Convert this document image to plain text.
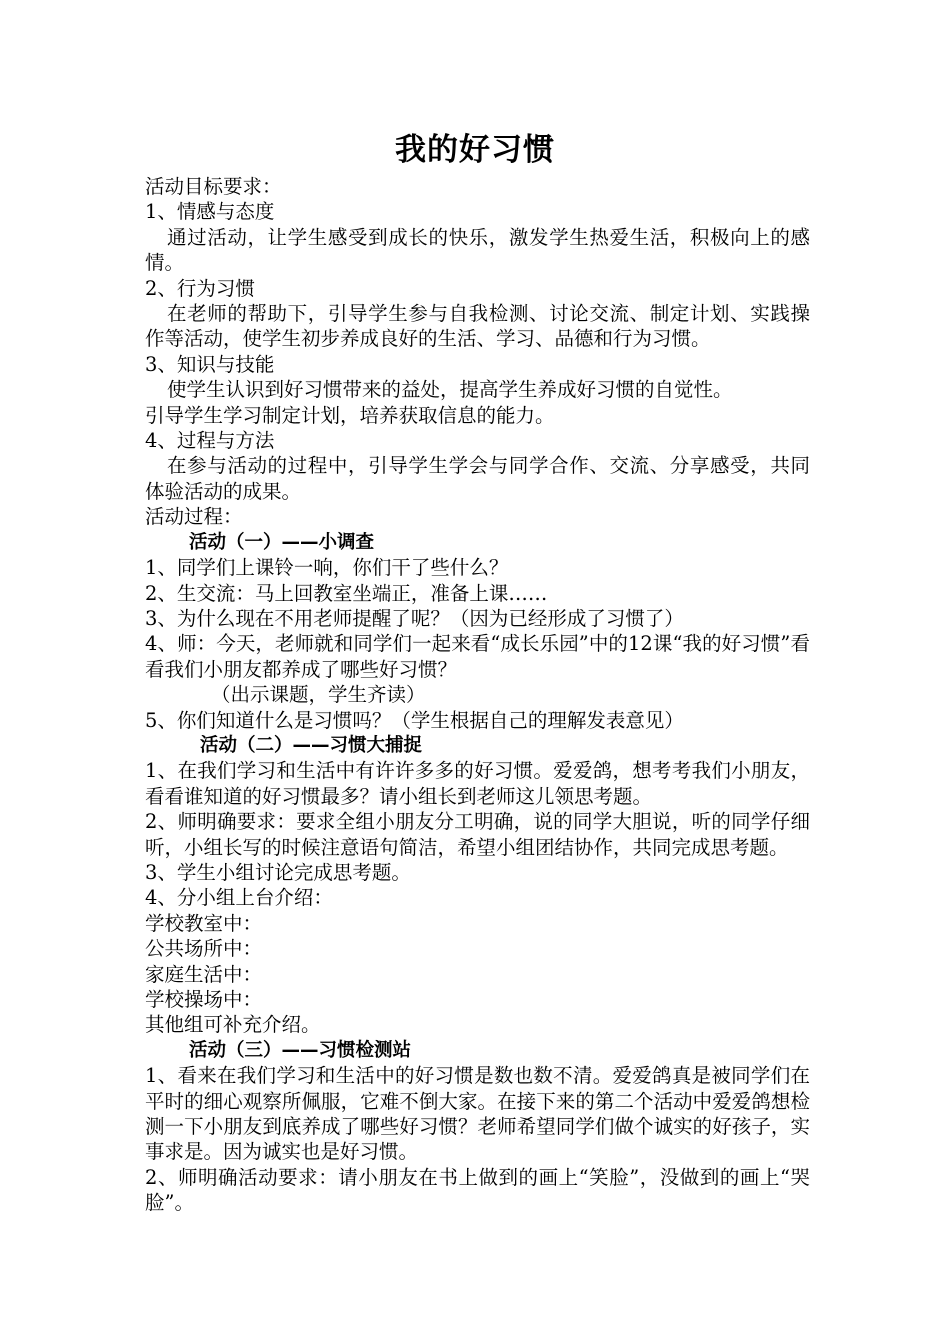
我的好习惯

活动目标要求：

1、情感与态度

通过活动，让学生感受到成长的快乐，激发学生热爱生活，积极向上的感情。

2、行为习惯

在老师的帮助下，引导学生参与自我检测、讨论交流、制定计划、实践操作等活动，使学生初步养成良好的生活、学习、品德和行为习惯。

3、知识与技能

使学生认识到好习惯带来的益处，提高学生养成好习惯的自觉性。

引导学生学习制定计划，培养获取信息的能力。

4、过程与方法

在参与活动的过程中，引导学生学会与同学合作、交流、分享感受，共同体验活动的成果。

活动过程：

活动（一）——小调查

1、同学们上课铃一响，你们干了些什么？

2、生交流：马上回教室坐端正，准备上课……

3、为什么现在不用老师提醒了呢？（因为已经形成了习惯了）

4、师：今天，老师就和同学们一起来看“成长乐园”中的12课“我的好习惯”看看我们小朋友都养成了哪些好习惯？

（出示课题，学生齐读）

5、你们知道什么是习惯吗？（学生根据自己的理解发表意见）

活动（二）——习惯大捕捉

1、在我们学习和生活中有许许多多的好习惯。爱爱鸽，想考考我们小朋友，看看谁知道的好习惯最多？请小组长到老师这儿领思考题。

2、师明确要求：要求全组小朋友分工明确，说的同学大胆说，听的同学仔细听，小组长写的时候注意语句简洁，希望小组团结协作，共同完成思考题。

3、学生小组讨论完成思考题。

4、分小组上台介绍：

学校教室中：

公共场所中：

家庭生活中：

学校操场中：

其他组可补充介绍。

活动（三）——习惯检测站

1、看来在我们学习和生活中的好习惯是数也数不清。爱爱鸽真是被同学们在平时的细心观察所佩服，它难不倒大家。在接下来的第二个活动中爱爱鸽想检测一下小朋友到底养成了哪些好习惯？老师希望同学们做个诚实的好孩子，实事求是。因为诚实也是好习惯。

2、师明确活动要求：请小朋友在书上做到的画上“笑脸”，没做到的画上“哭脸”。
